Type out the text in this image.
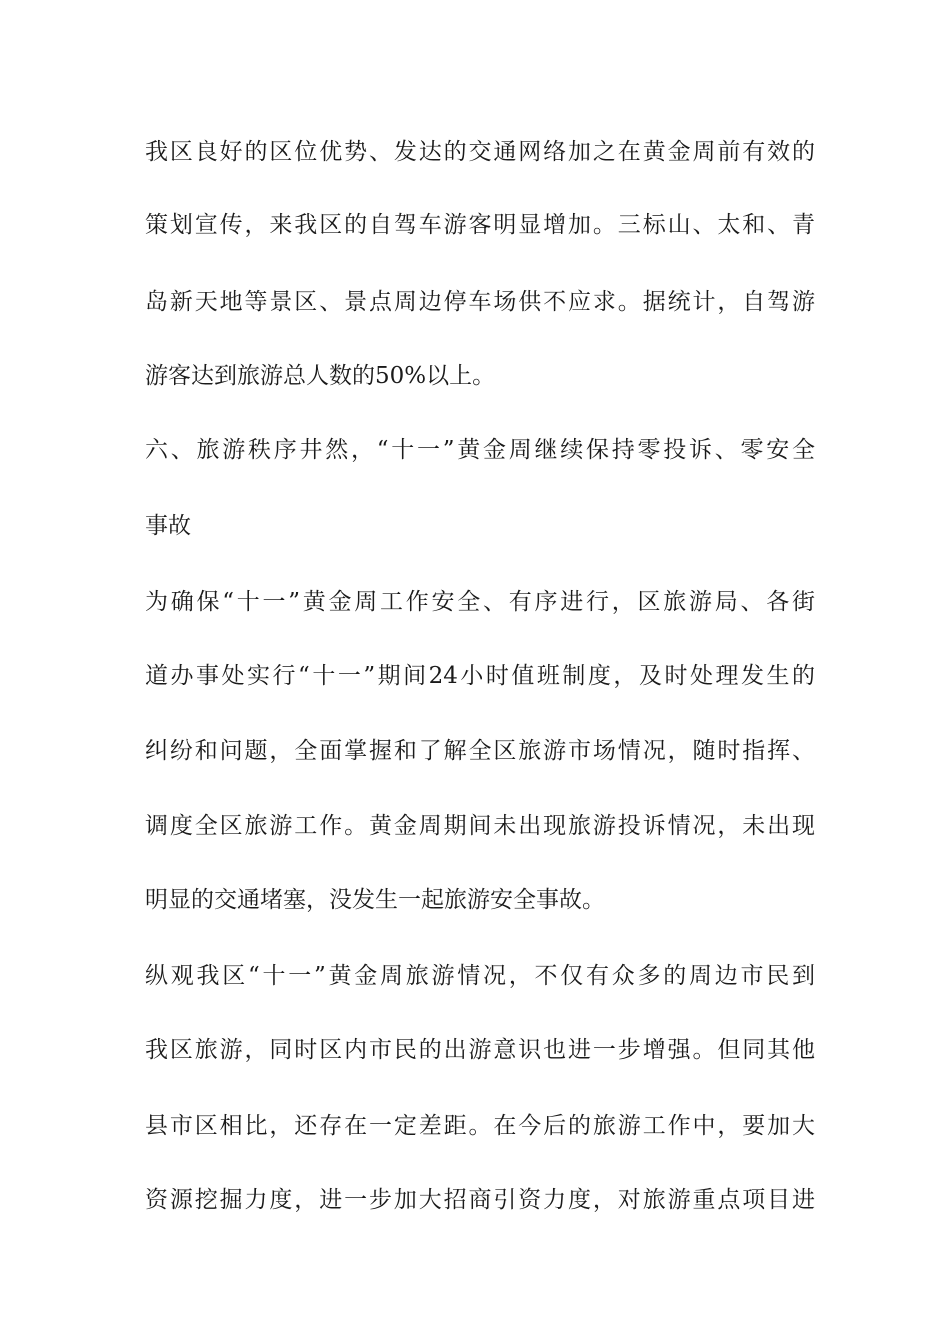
我区良好的区位优势、发达的交通网络加之在黄金周前有效的
策划宣传，来我区的自驾车游客明显增加。三标山、太和、青
岛新天地等景区、景点周边停车场供不应求。据统计，自驾游
游客达到旅游总人数的50%以上。
六、旅游秩序井然，“十一”黄金周继续保持零投诉、零安全
事故
为确保“十一”黄金周工作安全、有序进行，区旅游局、各街
道办事处实行“十一”期间24小时值班制度，及时处理发生的
纠纷和问题，全面掌握和了解全区旅游市场情况，随时指挥、
调度全区旅游工作。黄金周期间未出现旅游投诉情况，未出现
明显的交通堵塞，没发生一起旅游安全事故。
纵观我区“十一”黄金周旅游情况，不仅有众多的周边市民到
我区旅游，同时区内市民的出游意识也进一步增强。但同其他
县市区相比，还存在一定差距。在今后的旅游工作中，要加大
资源挖掘力度，进一步加大招商引资力度，对旅游重点项目进
